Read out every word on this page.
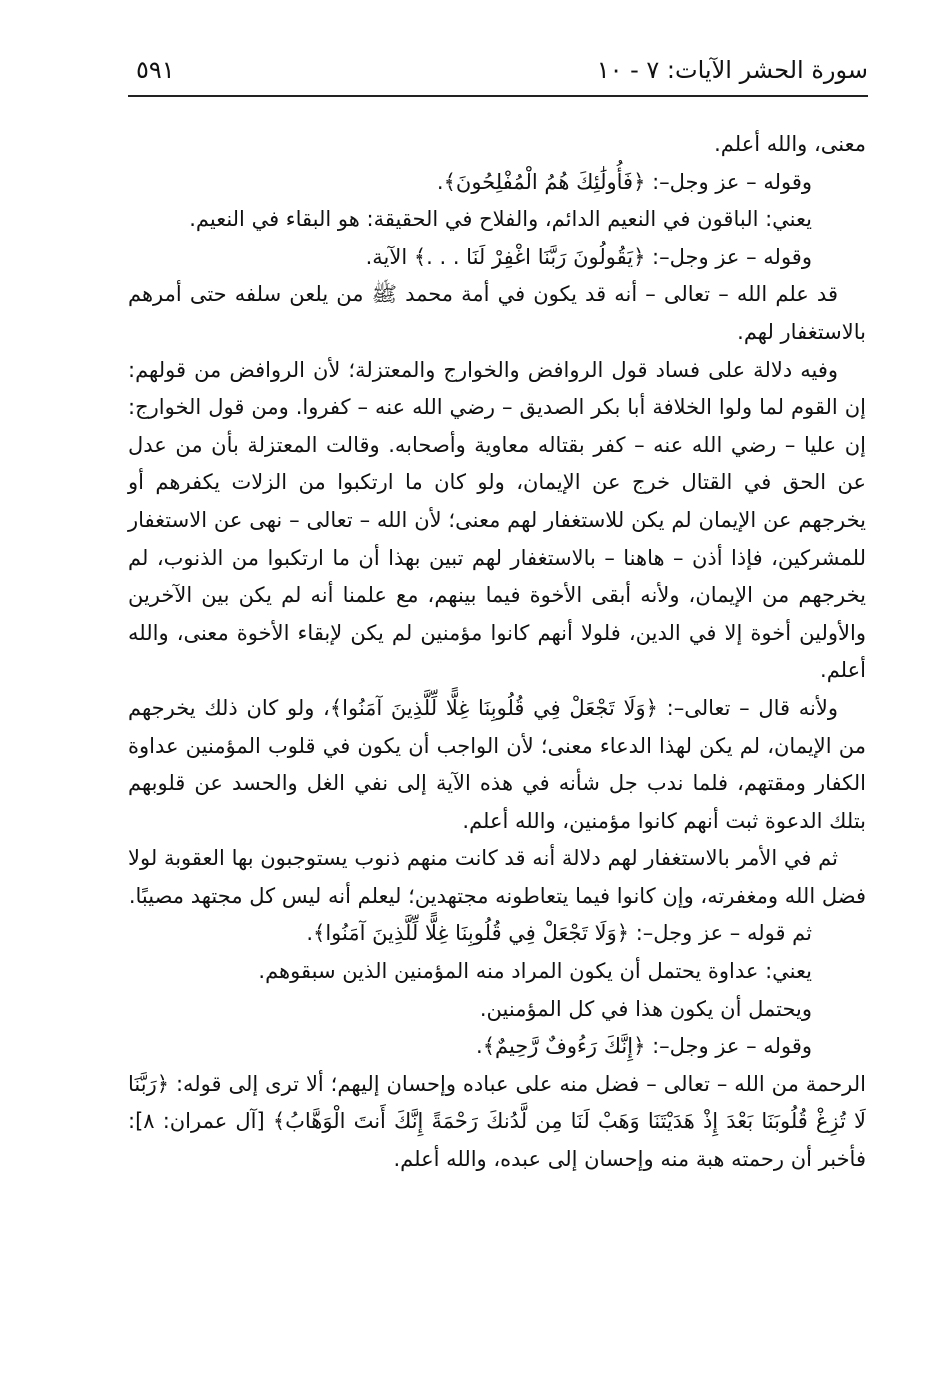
سورة الحشر الآيات: ٧ - ١٠
٥٩١

معنى، والله أعلم.

وقوله – عز وجل–: ﴿فَأُولَٰئِكَ هُمُ الْمُفْلِحُونَ﴾.

يعني: الباقون في النعيم الدائم، والفلاح في الحقيقة: هو البقاء في النعيم.

وقوله – عز وجل–: ﴿يَقُولُونَ رَبَّنَا اغْفِرْ لَنَا . . .﴾ الآية.

قد علم الله – تعالى – أنه قد يكون في أمة محمد ﷺ من يلعن سلفه حتى أمرهم بالاستغفار لهم.

وفيه دلالة على فساد قول الروافض والخوارج والمعتزلة؛ لأن الروافض من قولهم: إن القوم لما ولوا الخلافة أبا بكر الصديق – رضي الله عنه – كفروا. ومن قول الخوارج: إن عليا – رضي الله عنه – كفر بقتاله معاوية وأصحابه. وقالت المعتزلة بأن من عدل عن الحق في القتال خرج عن الإيمان، ولو كان ما ارتكبوا من الزلات يكفرهم أو يخرجهم عن الإيمان لم يكن للاستغفار لهم معنى؛ لأن الله – تعالى – نهى عن الاستغفار للمشركين، فإذا أذن – هاهنا – بالاستغفار لهم تبين بهذا أن ما ارتكبوا من الذنوب، لم يخرجهم من الإيمان، ولأنه أبقى الأخوة فيما بينهم، مع علمنا أنه لم يكن بين الآخرين والأولين أخوة إلا في الدين، فلولا أنهم كانوا مؤمنين لم يكن لإبقاء الأخوة معنى، والله أعلم.

ولأنه قال – تعالى–: ﴿وَلَا تَجْعَلْ فِي قُلُوبِنَا غِلًّا لِّلَّذِينَ آمَنُوا﴾، ولو كان ذلك يخرجهم من الإيمان، لم يكن لهذا الدعاء معنى؛ لأن الواجب أن يكون في قلوب المؤمنين عداوة الكفار ومقتهم، فلما ندب جل شأنه في هذه الآية إلى نفي الغل والحسد عن قلوبهم بتلك الدعوة ثبت أنهم كانوا مؤمنين، والله أعلم.

ثم في الأمر بالاستغفار لهم دلالة أنه قد كانت منهم ذنوب يستوجبون بها العقوبة لولا فضل الله ومغفرته، وإن كانوا فيما يتعاطونه مجتهدين؛ ليعلم أنه ليس كل مجتهد مصيبًا.

ثم قوله – عز وجل–: ﴿وَلَا تَجْعَلْ فِي قُلُوبِنَا غِلًّا لِّلَّذِينَ آمَنُوا﴾.

يعني: عداوة يحتمل أن يكون المراد منه المؤمنين الذين سبقوهم.

ويحتمل أن يكون هذا في كل المؤمنين.

وقوله – عز وجل–: ﴿إِنَّكَ رَءُوفٌ رَّحِيمٌ﴾.

الرحمة من الله – تعالى – فضل منه على عباده وإحسان إليهم؛ ألا ترى إلى قوله: ﴿رَبَّنَا لَا تُزِغْ قُلُوبَنَا بَعْدَ إِذْ هَدَيْتَنَا وَهَبْ لَنَا مِن لَّدُنكَ رَحْمَةً إِنَّكَ أَنتَ الْوَهَّابُ﴾ [آل عمران: ٨]: فأخبر أن رحمته هبة منه وإحسان إلى عبده، والله أعلم.
